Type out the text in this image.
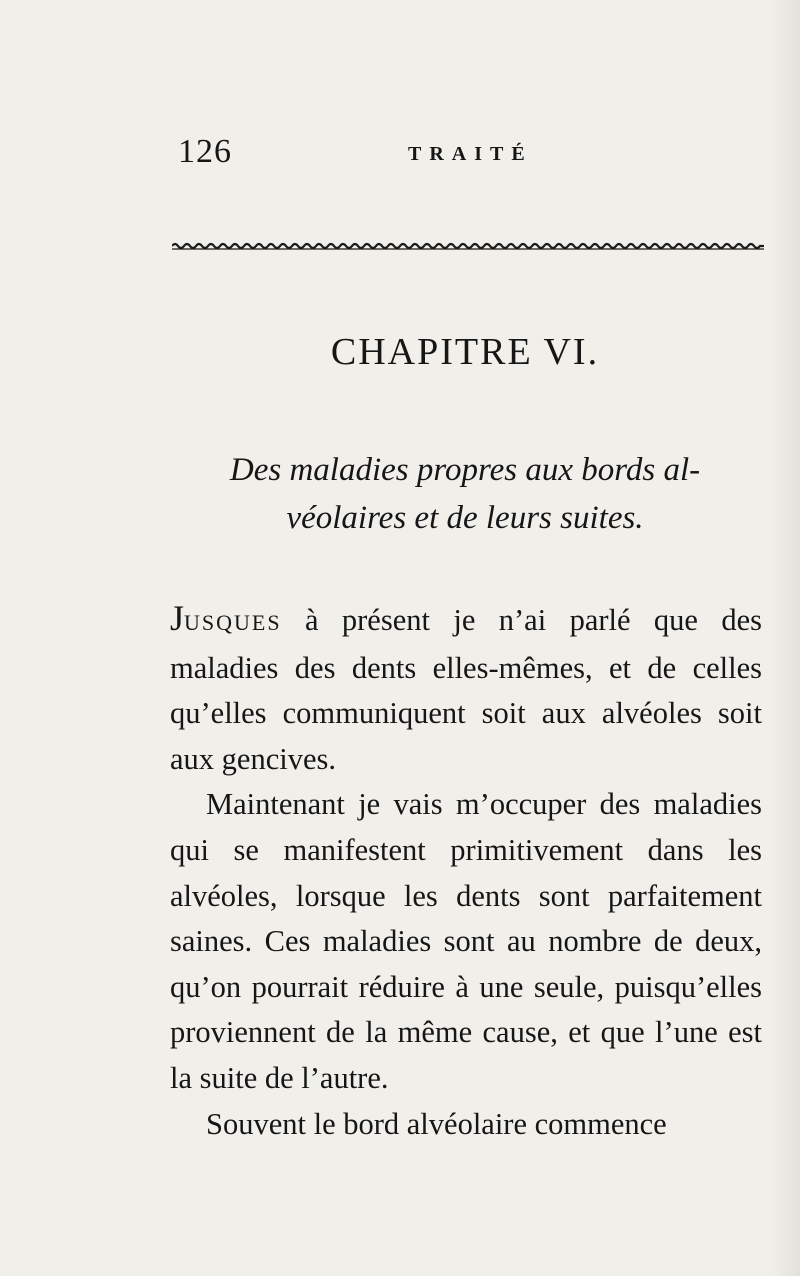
126	TRAITÉ
CHAPITRE VI.
Des maladies propres aux bords al-
véolaires et de leurs suites.

JUSQUES à présent je n’ai parlé que des maladies des dents elles-mêmes, et de celles qu’elles communiquent soit aux alvéoles soit aux gencives.

Maintenant je vais m’occuper des maladies qui se manifestent primitivement dans les alvéoles, lorsque les dents sont parfaitement saines. Ces maladies sont au nombre de deux, qu’on pourrait réduire à une seule, puisqu’elles proviennent de la même cause, et que l’une est la suite de l’autre.

Souvent le bord alvéolaire commence
